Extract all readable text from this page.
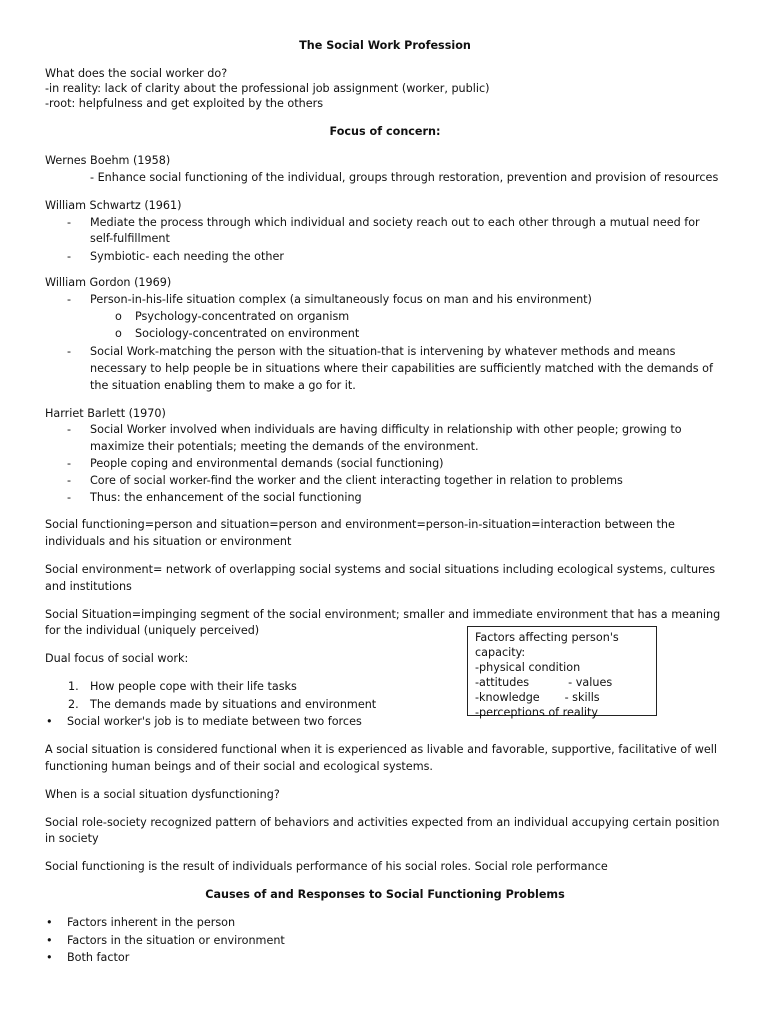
The Social Work Profession
What does the social worker do?
-in reality: lack of clarity about the professional job assignment (worker, public)
-root: helpfulness and get exploited by the others
Focus of concern:
Wernes Boehm (1958)
- Enhance social functioning of the individual, groups through restoration, prevention and provision of resources
William Schwartz (1961)
- Mediate the process through which individual and society reach out to each other through a mutual need for self-fulfillment
- Symbiotic- each needing the other
William Gordon (1969)
- Person-in-his-life situation complex (a simultaneously focus on man and his environment)
o Psychology-concentrated on organism
o Sociology-concentrated on environment
- Social Work-matching the person with the situation-that is intervening by whatever methods and means necessary to help people be in situations where their capabilities are sufficiently matched with the demands of the situation enabling them to make a go for it.
Harriet Barlett (1970)
- Social Worker involved when individuals are having difficulty in relationship with other people; growing to maximize their potentials; meeting the demands of the environment.
- People coping and environmental demands (social functioning)
- Core of social worker-find the worker and the client interacting together in relation to problems
- Thus: the enhancement of the social functioning
Social functioning=person and situation=person and environment=person-in-situation=interaction between the individuals and his situation or environment
Social environment= network of overlapping social systems and social situations including ecological systems, cultures and institutions
Social Situation=impinging segment of the social environment; smaller and immediate environment that has a meaning for the individual (uniquely perceived)
Dual focus of social work:
1. How people cope with their life tasks
2. The demands made by situations and environment
• Social worker's job is to mediate between two forces
A social situation is considered functional when it is experienced as livable and favorable, supportive, facilitative of well functioning human beings and of their social and ecological systems.
When is a social situation dysfunctioning?
Social role-society recognized pattern of behaviors and activities expected from an individual accupying certain position in society
Social functioning is the result of individuals performance of his social roles. Social role performance
Causes of and Responses to Social Functioning Problems
• Factors inherent in the person
• Factors in the situation or environment
• Both factor
Factors affecting person's
capacity:
-physical condition
-attitudes           - values
-knowledge       - skills
-perceptions of reality
